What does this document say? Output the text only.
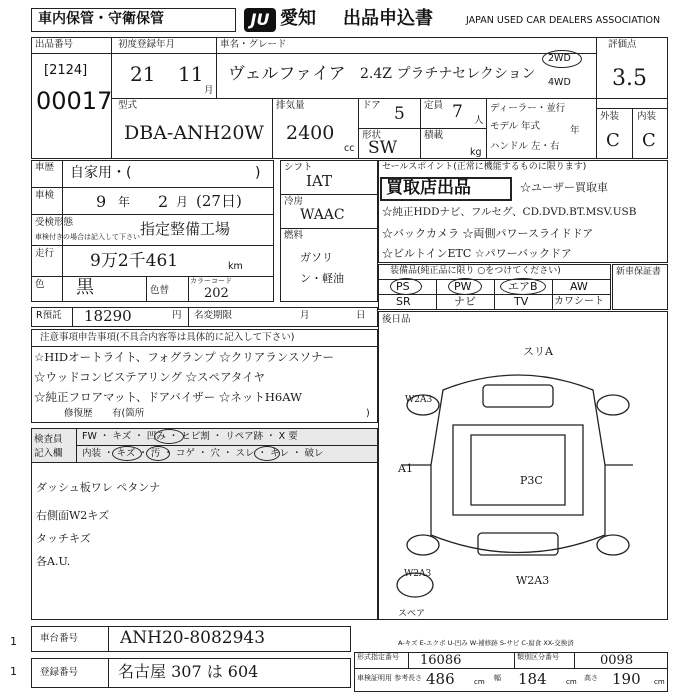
車内保管・守衛保管	JU 愛知 出品申込書	JAPAN USED CAR DEALERS ASSOCIATION
出品番号
[2124]
00017
初度登録年月
21 11
月
車名・グレード
ヴェルファイア 2.4Z プラチナセレクション
2WD
4WD
評価点
3.5
外装 内装
C C
型式
DBA-ANH20W
排気量
2400
cc
ドア 5 定員 7 人
形状
SW
積載
kg
ディーラー・並行
モデル 年式	年
ハンドル 左・右
車歴 自家用・(	)
車検	9 年 2 月 (27日)
受検形態
車検付きの場合は記入して下さい 指定整備工場
走行 9万2千461	km
色 黒	色替
カラーコード
202
シフト
IAT
冷房
WAAC
燃料
ガソリン・軽油
セールスポイント(正常に機能するものに限ります)
買取店出品	☆ユーザー買取車
☆純正HDDナビ、フルセグ、CD.DVD.BT.MSV.USB
☆バックカメラ ☆両側パワースライドドア
☆ビルトインETC ☆パワーバックドア
装備品(純正品に限り ○をつけてください)
PS	PW	エアB	AW
SR	ナビ	TV	カワシート
新車保証書
R預託 18290	円 名変期限	月	日
注意事項申告事項(不具合内容等は具体的に記入して下さい)
☆HIDオートライト、フォグランプ ☆クリアランスソナー
☆ウッドコンビステアリング ☆スペアタイヤ
☆純正フロアマット、ドアバイザー ☆ネットH6AW
修復歴 有(箇所	)
検査員 記入欄
FW ・ キズ ・ 凹み ・ ヒビ割 ・ リペア跡 ・ X 要
内装 ・ キズ ・ 汚 ・ コゲ ・ 穴 ・ スレ ・ キレ ・ 破レ
ダッシュ板ワレ ペタンナ
右側面W2キズ
タッチキズ
各A.U.
後日品
スリA
W2A3
A1
P3C
W2A3	W2A3
スペア
車台番号 ANH20-8082943
登録番号 名古屋 307 は 604
1
1
A-キズ E-エクボ U-凹み W-補修跡 S-サビ C-腐食 XX-交換済
形式指定番号 16086	類別区分番号	0098
車検証明用 参考 長さ 486	cm 幅 184	cm 高さ 190 cm
